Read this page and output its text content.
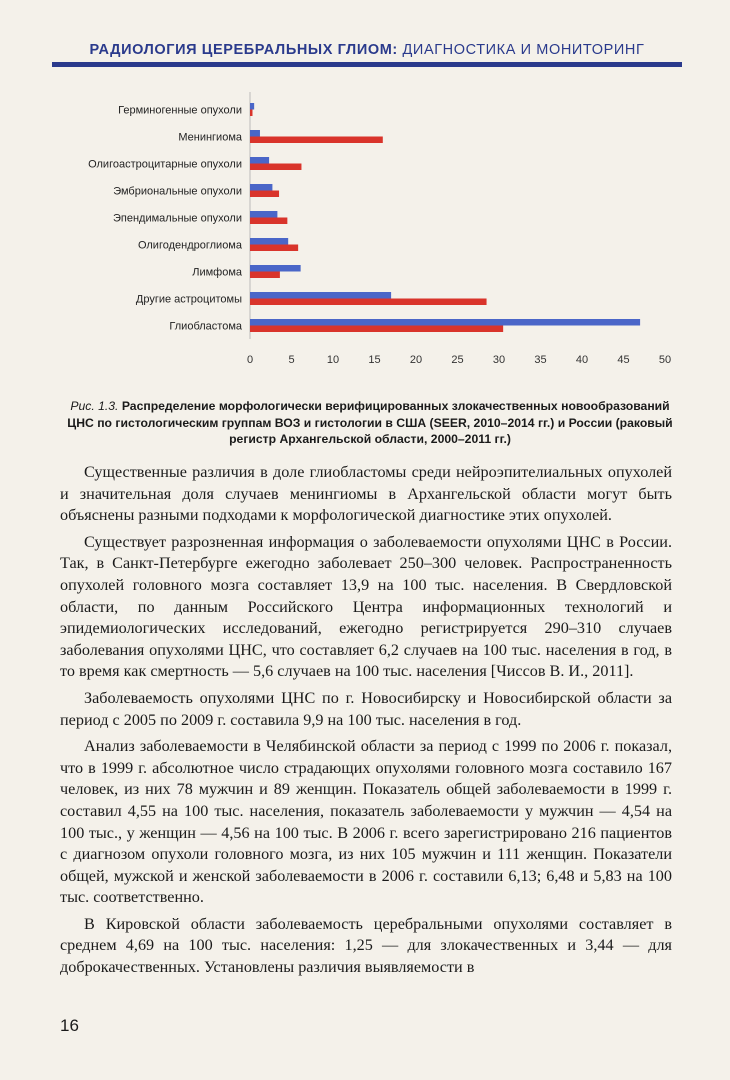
РАДИОЛОГИЯ ЦЕРЕБРАЛЬНЫХ ГЛИОМ: ДИАГНОСТИКА И МОНИТОРИНГ
Герминогенные опухоли
Менингиома
Олигоастроцитарные опухоли
Эмбриональные опухоли
Эпендимальные опухоли
Олигодендроглиома
Лимфома
Другие астроцитомы
Глиобластома
0	5	10	15	20	25	30	35	40	45	50
Рис. 1.3. Распределение морфологически верифицированных злокачественных новообразований ЦНС по гистологическим группам ВОЗ и гистологии в США (SEER, 2010–2014 гг.) и России (раковый регистр Архангельской области, 2000–2011 гг.)

Существенные различия в доле глиобластомы среди нейроэпителиальных опухолей и значительная доля случаев менингиомы в Архангельской области могут быть объяснены разными подходами к морфологической диагностике этих опухолей.

Существует разрозненная информация о заболеваемости опухолями ЦНС в России. Так, в Санкт-Петербурге ежегодно заболевает 250–300 человек. Распространенность опухолей головного мозга составляет 13,9 на 100 тыс. населения. В Свердловской области, по данным Российского Центра информационных технологий и эпидемиологических исследований, ежегодно регистрируется 290–310 случаев заболевания опухолями ЦНС, что составляет 6,2 случаев на 100 тыс. населения в год, в то время как смертность — 5,6 случаев на 100 тыс. населения [Чиссов В. И., 2011].

Заболеваемость опухолями ЦНС по г. Новосибирску и Новосибирской области за период с 2005 по 2009 г. составила 9,9 на 100 тыс. населения в год.

Анализ заболеваемости в Челябинской области за период с 1999 по 2006 г. показал, что в 1999 г. абсолютное число страдающих опухолями головного мозга составило 167 человек, из них 78 мужчин и 89 женщин. Показатель общей заболеваемости в 1999 г. составил 4,55 на 100 тыс. населения, показатель заболеваемости у мужчин — 4,54 на 100 тыс., у женщин — 4,56 на 100 тыс. В 2006 г. всего зарегистрировано 216 пациентов с диагнозом опухоли головного мозга, из них 105 мужчин и 111 женщин. Показатели общей, мужской и женской заболеваемости в 2006 г. составили 6,13; 6,48 и 5,83 на 100 тыс. соответственно.

В Кировской области заболеваемость церебральными опухолями составляет в среднем 4,69 на 100 тыс. населения: 1,25 — для злокачественных и 3,44 — для доброкачественных. Установлены различия выявляемости в

16
